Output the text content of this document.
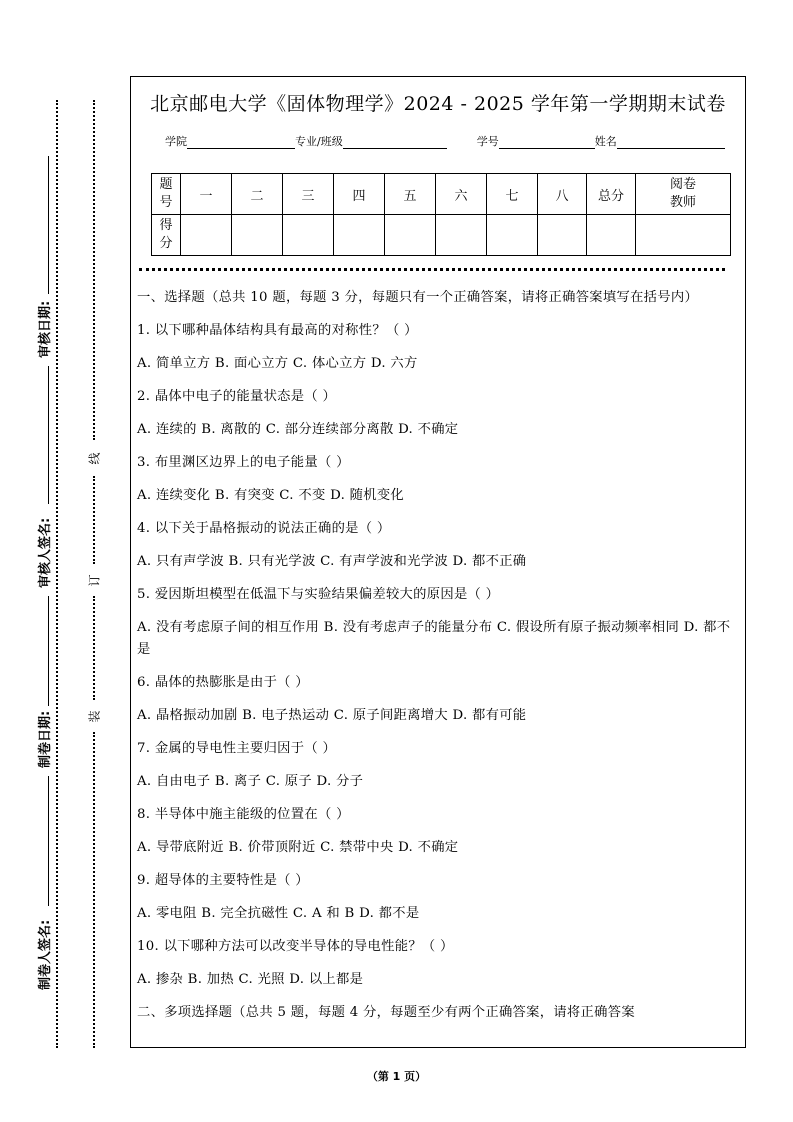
审核日期:
审核人签名:
制卷日期:
制卷人签名:
线
订
装
北京邮电大学《固体物理学》2024 - 2025 学年第一学期期末试卷
学院	专业/班级	学号	姓名
题号	一	二	三	四	五	六	七	八	总分	阅卷教师
得分										

一、选择题（总共 10 题，每题 3 分，每题只有一个正确答案，请将正确答案填写在括号内）

1. 以下哪种晶体结构具有最高的对称性？（ ）

A. 简单立方 B. 面心立方 C. 体心立方 D. 六方

2. 晶体中电子的能量状态是（ ）

A. 连续的 B. 离散的 C. 部分连续部分离散 D. 不确定

3. 布里渊区边界上的电子能量（ ）

A. 连续变化 B. 有突变 C. 不变 D. 随机变化

4. 以下关于晶格振动的说法正确的是（ ）

A. 只有声学波 B. 只有光学波 C. 有声学波和光学波 D. 都不正确

5. 爱因斯坦模型在低温下与实验结果偏差较大的原因是（ ）

A. 没有考虑原子间的相互作用 B. 没有考虑声子的能量分布 C. 假设所有原子振动频率相同 D. 都不是

6. 晶体的热膨胀是由于（ ）

A. 晶格振动加剧 B. 电子热运动 C. 原子间距离增大 D. 都有可能

7. 金属的导电性主要归因于（ ）

A. 自由电子 B. 离子 C. 原子 D. 分子

8. 半导体中施主能级的位置在（ ）

A. 导带底附近 B. 价带顶附近 C. 禁带中央 D. 不确定

9. 超导体的主要特性是（ ）

A. 零电阻 B. 完全抗磁性 C. A 和 B D. 都不是

10. 以下哪种方法可以改变半导体的导电性能？（ ）

A. 掺杂 B. 加热 C. 光照 D. 以上都是

二、多项选择题（总共 5 题，每题 4 分，每题至少有两个正确答案，请将正确答案

（第 1 页）
